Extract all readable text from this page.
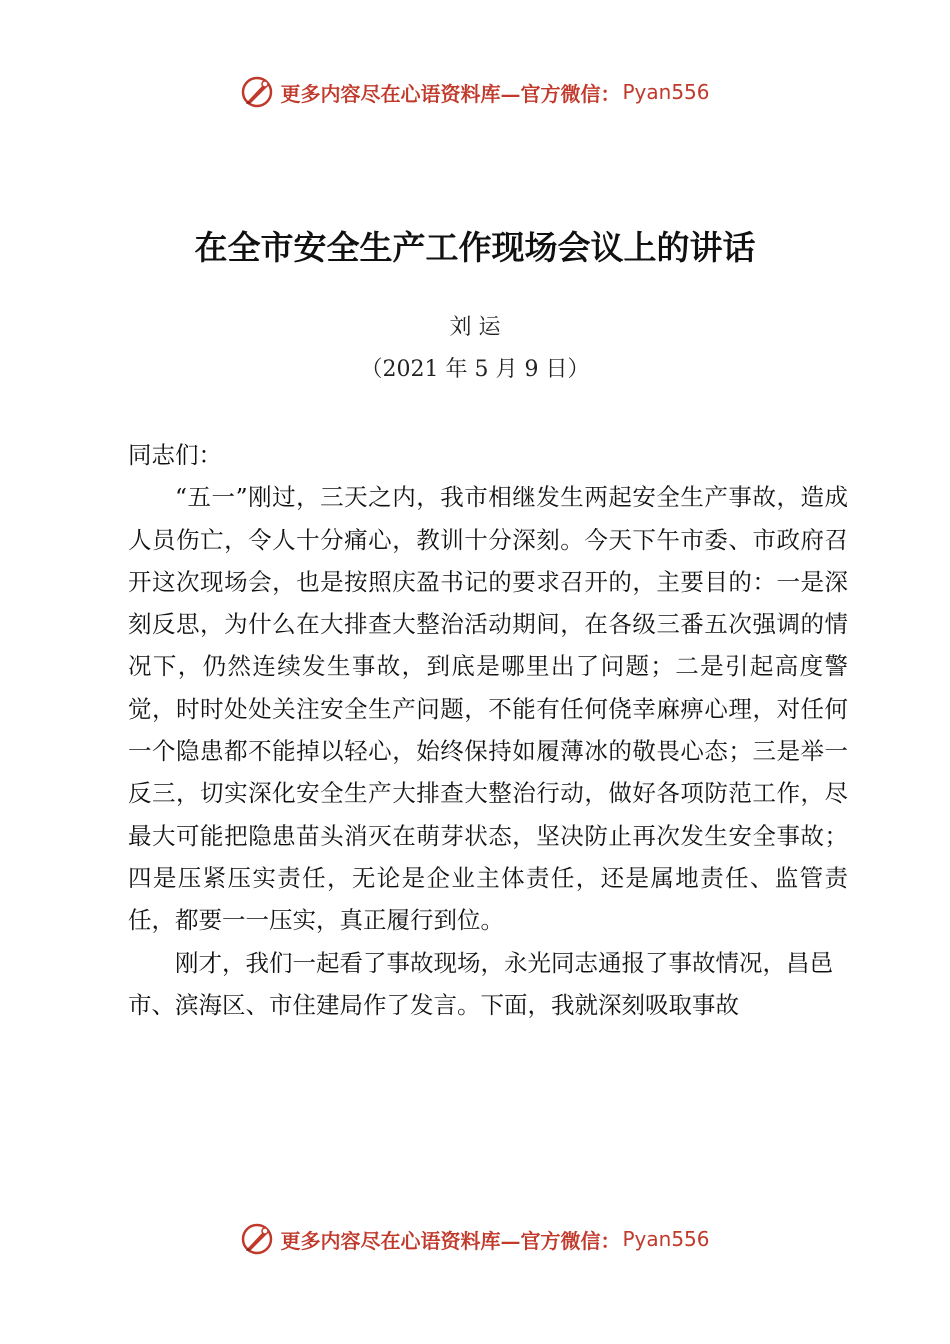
更多内容尽在心语资料库—官方微信： Pyan556
在全市安全生产工作现场会议上的讲话
刘 运
（2021 年 5 月 9 日）

同志们：

“五一”刚过，三天之内，我市相继发生两起安全生产事故，造成人员伤亡，令人十分痛心，教训十分深刻。今天下午市委、市政府召开这次现场会，也是按照庆盈书记的要求召开的，主要目的：一是深刻反思，为什么在大排查大整治活动期间，在各级三番五次强调的情况下，仍然连续发生事故，到底是哪里出了问题；二是引起高度警觉，时时处处关注安全生产问题，不能有任何侥幸麻痹心理，对任何一个隐患都不能掉以轻心，始终保持如履薄冰的敬畏心态；三是举一反三，切实深化安全生产大排查大整治行动，做好各项防范工作，尽最大可能把隐患苗头消灭在萌芽状态，坚决防止再次发生安全事故；四是压紧压实责任，无论是企业主体责任，还是属地责任、监管责任，都要一一压实，真正履行到位。

刚才，我们一起看了事故现场，永光同志通报了事故情况，昌邑市、滨海区、市住建局作了发言。下面，我就深刻吸取事故

更多内容尽在心语资料库—官方微信： Pyan556
